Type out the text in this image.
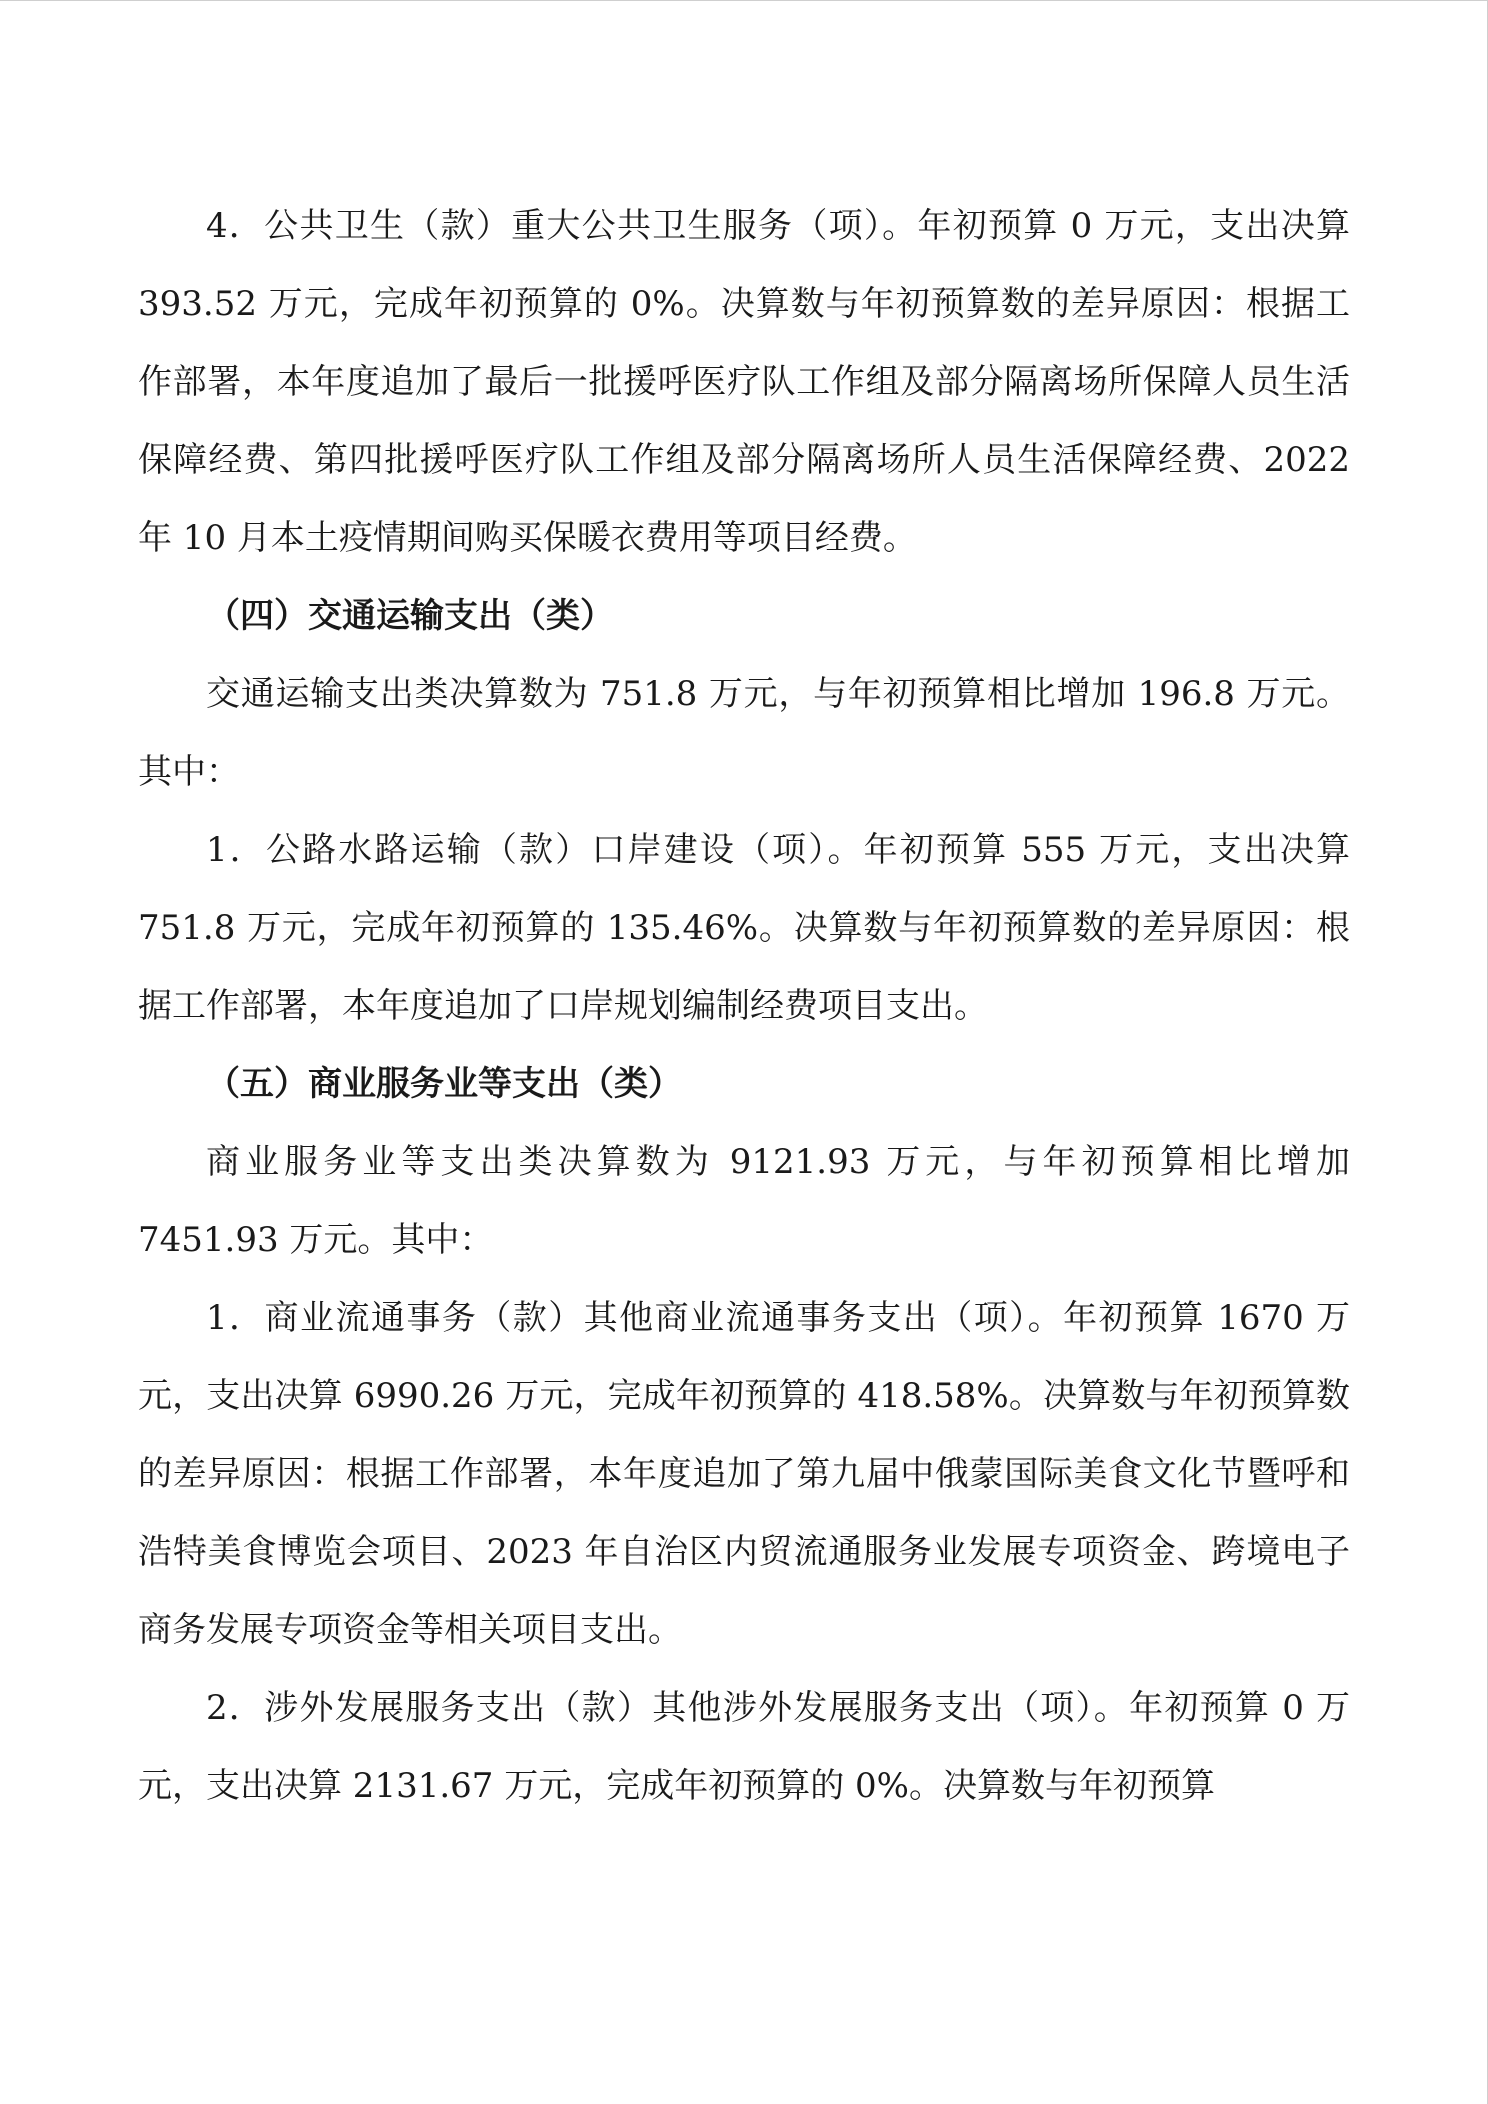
4．公共卫生（款）重大公共卫生服务（项）。年初预算 0 万元，支出决算 393.52 万元，完成年初预算的 0%。决算数与年初预算数的差异原因：根据工作部署，本年度追加了最后一批援呼医疗队工作组及部分隔离场所保障人员生活保障经费、第四批援呼医疗队工作组及部分隔离场所人员生活保障经费、2022 年 10 月本土疫情期间购买保暖衣费用等项目经费。

（四）交通运输支出（类）

交通运输支出类决算数为 751.8 万元，与年初预算相比增加 196.8 万元。其中：

1．公路水路运输（款）口岸建设（项）。年初预算 555 万元，支出决算 751.8 万元，完成年初预算的 135.46%。决算数与年初预算数的差异原因：根据工作部署，本年度追加了口岸规划编制经费项目支出。

（五）商业服务业等支出（类）

商业服务业等支出类决算数为 9121.93 万元，与年初预算相比增加 7451.93 万元。其中：

1．商业流通事务（款）其他商业流通事务支出（项）。年初预算 1670 万元，支出决算 6990.26 万元，完成年初预算的 418.58%。决算数与年初预算数的差异原因：根据工作部署，本年度追加了第九届中俄蒙国际美食文化节暨呼和浩特美食博览会项目、2023 年自治区内贸流通服务业发展专项资金、跨境电子商务发展专项资金等相关项目支出。

2．涉外发展服务支出（款）其他涉外发展服务支出（项）。年初预算 0 万元，支出决算 2131.67 万元，完成年初预算的 0%。决算数与年初预算
